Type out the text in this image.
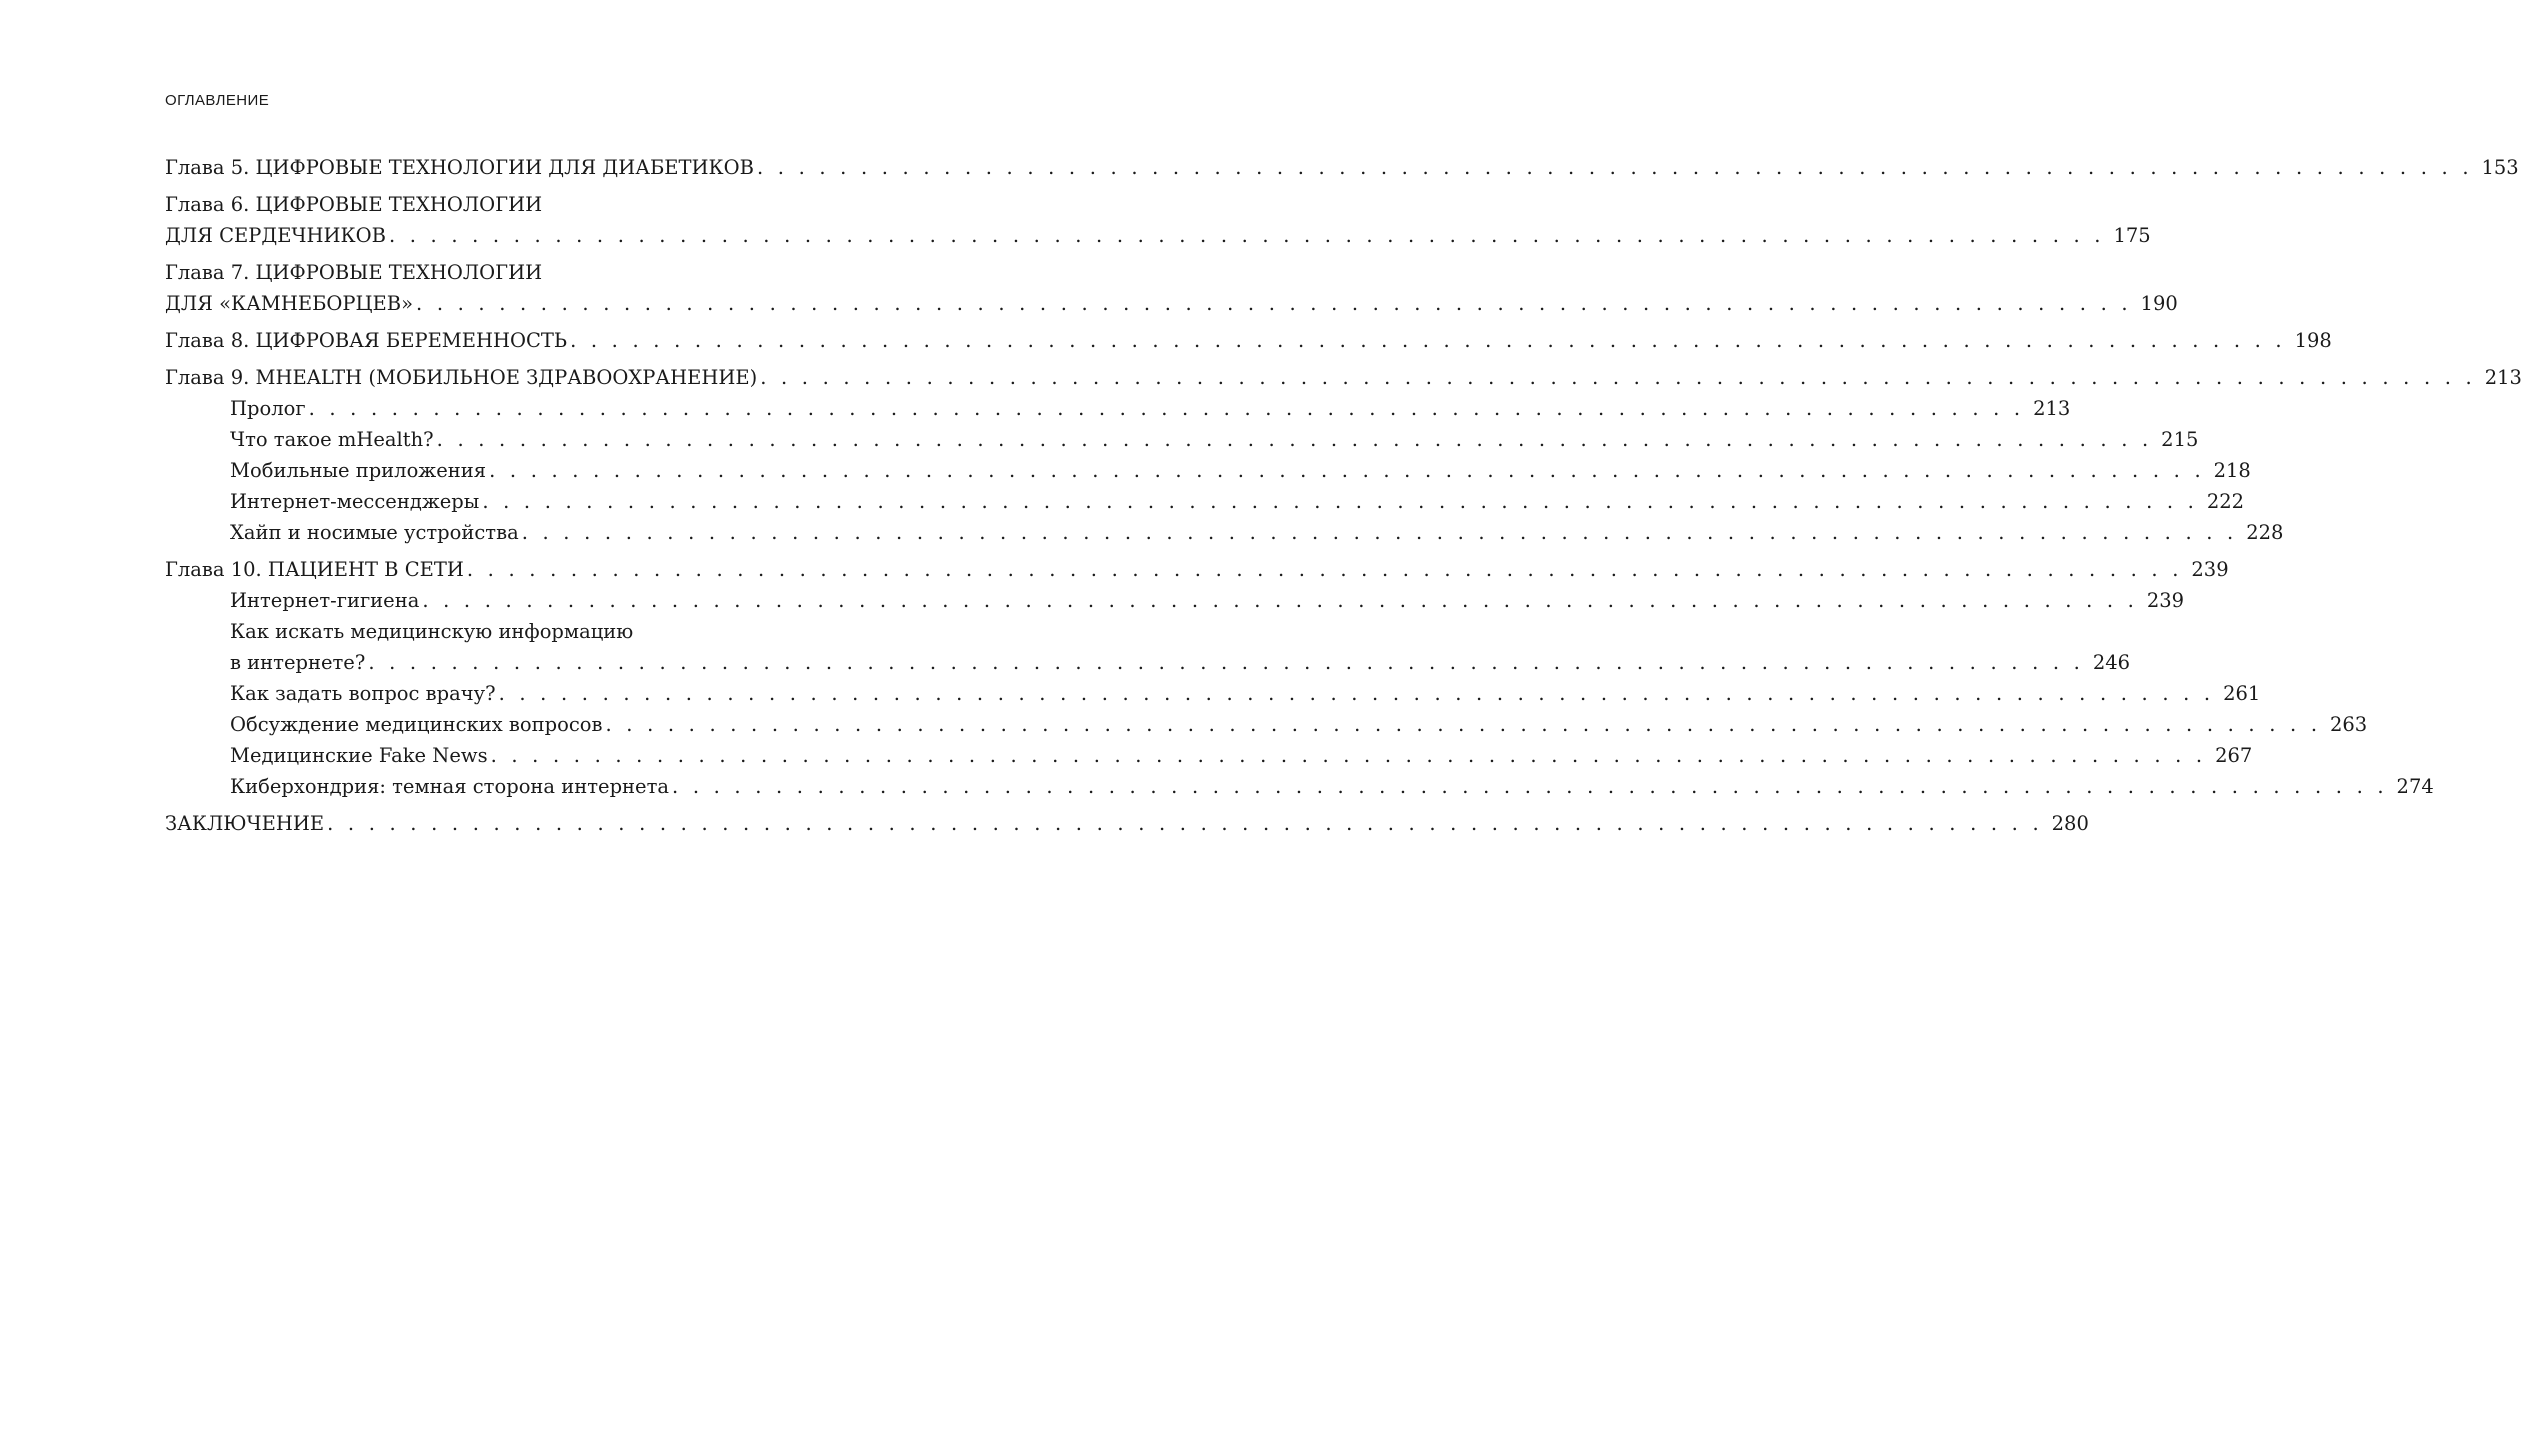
ОГЛАВЛЕНИЕ
Глава 5. ЦИФРОВЫЕ ТЕХНОЛОГИИ ДЛЯ ДИАБЕТИКОВ . . . . . . . . . . . . . . . . . . . . . . . . . . . . . . . . . . . . . . . . . . . . . . . . . . . . . . . . . . . . . . . . . . . . . . . . . . . . . . . . . . . 153
Глава 6. ЦИФРОВЫЕ ТЕХНОЛОГИИ
ДЛЯ СЕРДЕЧНИКОВ . . . . . . . . . . . . . . . . . . . . . . . . . . . . . . . . . . . . . . . . . . . . . . . . . . . . . . . . . . . . . . . . . . . . . . . . . . . . . . . . . . . 175
Глава 7. ЦИФРОВЫЕ ТЕХНОЛОГИИ
ДЛЯ «КАМНЕБОРЦЕВ» . . . . . . . . . . . . . . . . . . . . . . . . . . . . . . . . . . . . . . . . . . . . . . . . . . . . . . . . . . . . . . . . . . . . . . . . . . . . . . . . . . . 190
Глава 8. ЦИФРОВАЯ БЕРЕМЕННОСТЬ . . . . . . . . . . . . . . . . . . . . . . . . . . . . . . . . . . . . . . . . . . . . . . . . . . . . . . . . . . . . . . . . . . . . . . . . . . . . . . . . . . . 198
Глава 9. MHEALTH (МОБИЛЬНОЕ ЗДРАВООХРАНЕНИЕ) . . . . . . . . . . . . . . . . . . . . . . . . . . . . . . . . . . . . . . . . . . . . . . . . . . . . . . . . . . . . . . . . . . . . . . . . . . . . . . . . . . . 213
Пролог . . . . . . . . . . . . . . . . . . . . . . . . . . . . . . . . . . . . . . . . . . . . . . . . . . . . . . . . . . . . . . . . . . . . . . . . . . . . . . . . . . . 213
Что такое mHealth? . . . . . . . . . . . . . . . . . . . . . . . . . . . . . . . . . . . . . . . . . . . . . . . . . . . . . . . . . . . . . . . . . . . . . . . . . . . . . . . . . . . 215
Мобильные приложения . . . . . . . . . . . . . . . . . . . . . . . . . . . . . . . . . . . . . . . . . . . . . . . . . . . . . . . . . . . . . . . . . . . . . . . . . . . . . . . . . . . 218
Интернет-мессенджеры . . . . . . . . . . . . . . . . . . . . . . . . . . . . . . . . . . . . . . . . . . . . . . . . . . . . . . . . . . . . . . . . . . . . . . . . . . . . . . . . . . . 222
Хайп и носимые устройства . . . . . . . . . . . . . . . . . . . . . . . . . . . . . . . . . . . . . . . . . . . . . . . . . . . . . . . . . . . . . . . . . . . . . . . . . . . . . . . . . . . 228
Глава 10. ПАЦИЕНТ В СЕТИ . . . . . . . . . . . . . . . . . . . . . . . . . . . . . . . . . . . . . . . . . . . . . . . . . . . . . . . . . . . . . . . . . . . . . . . . . . . . . . . . . . . 239
Интернет-гигиена . . . . . . . . . . . . . . . . . . . . . . . . . . . . . . . . . . . . . . . . . . . . . . . . . . . . . . . . . . . . . . . . . . . . . . . . . . . . . . . . . . . 239
Как искать медицинскую информацию
в интернете? . . . . . . . . . . . . . . . . . . . . . . . . . . . . . . . . . . . . . . . . . . . . . . . . . . . . . . . . . . . . . . . . . . . . . . . . . . . . . . . . . . . 246
Как задать вопрос врачу? . . . . . . . . . . . . . . . . . . . . . . . . . . . . . . . . . . . . . . . . . . . . . . . . . . . . . . . . . . . . . . . . . . . . . . . . . . . . . . . . . . . 261
Обсуждение медицинских вопросов . . . . . . . . . . . . . . . . . . . . . . . . . . . . . . . . . . . . . . . . . . . . . . . . . . . . . . . . . . . . . . . . . . . . . . . . . . . . . . . . . . . 263
Медицинские Fake News . . . . . . . . . . . . . . . . . . . . . . . . . . . . . . . . . . . . . . . . . . . . . . . . . . . . . . . . . . . . . . . . . . . . . . . . . . . . . . . . . . . 267
Киберхондрия: темная сторона интернета . . . . . . . . . . . . . . . . . . . . . . . . . . . . . . . . . . . . . . . . . . . . . . . . . . . . . . . . . . . . . . . . . . . . . . . . . . . . . . . . . . . 274
ЗАКЛЮЧЕНИЕ . . . . . . . . . . . . . . . . . . . . . . . . . . . . . . . . . . . . . . . . . . . . . . . . . . . . . . . . . . . . . . . . . . . . . . . . . . . . . . . . . . . 280
